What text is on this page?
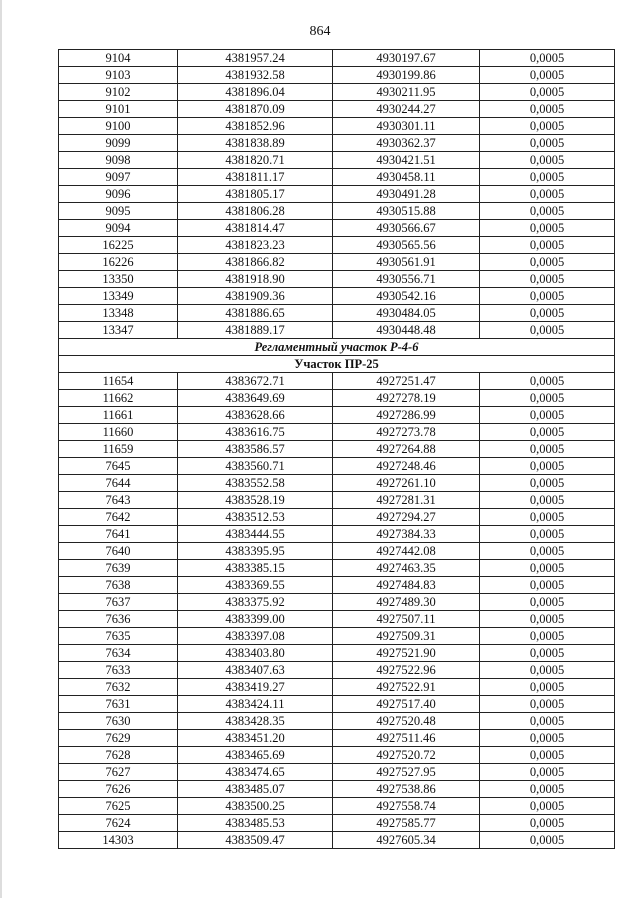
864
9104	4381957.24	4930197.67	0,0005
9103	4381932.58	4930199.86	0,0005
9102	4381896.04	4930211.95	0,0005
9101	4381870.09	4930244.27	0,0005
9100	4381852.96	4930301.11	0,0005
9099	4381838.89	4930362.37	0,0005
9098	4381820.71	4930421.51	0,0005
9097	4381811.17	4930458.11	0,0005
9096	4381805.17	4930491.28	0,0005
9095	4381806.28	4930515.88	0,0005
9094	4381814.47	4930566.67	0,0005
16225	4381823.23	4930565.56	0,0005
16226	4381866.82	4930561.91	0,0005
13350	4381918.90	4930556.71	0,0005
13349	4381909.36	4930542.16	0,0005
13348	4381886.65	4930484.05	0,0005
13347	4381889.17	4930448.48	0,0005
Регламентный участок Р-4-6			
Участок ПР-25			
11654	4383672.71	4927251.47	0,0005
11662	4383649.69	4927278.19	0,0005
11661	4383628.66	4927286.99	0,0005
11660	4383616.75	4927273.78	0,0005
11659	4383586.57	4927264.88	0,0005
7645	4383560.71	4927248.46	0,0005
7644	4383552.58	4927261.10	0,0005
7643	4383528.19	4927281.31	0,0005
7642	4383512.53	4927294.27	0,0005
7641	4383444.55	4927384.33	0,0005
7640	4383395.95	4927442.08	0,0005
7639	4383385.15	4927463.35	0,0005
7638	4383369.55	4927484.83	0,0005
7637	4383375.92	4927489.30	0,0005
7636	4383399.00	4927507.11	0,0005
7635	4383397.08	4927509.31	0,0005
7634	4383403.80	4927521.90	0,0005
7633	4383407.63	4927522.96	0,0005
7632	4383419.27	4927522.91	0,0005
7631	4383424.11	4927517.40	0,0005
7630	4383428.35	4927520.48	0,0005
7629	4383451.20	4927511.46	0,0005
7628	4383465.69	4927520.72	0,0005
7627	4383474.65	4927527.95	0,0005
7626	4383485.07	4927538.86	0,0005
7625	4383500.25	4927558.74	0,0005
7624	4383485.53	4927585.77	0,0005
14303	4383509.47	4927605.34	0,0005
